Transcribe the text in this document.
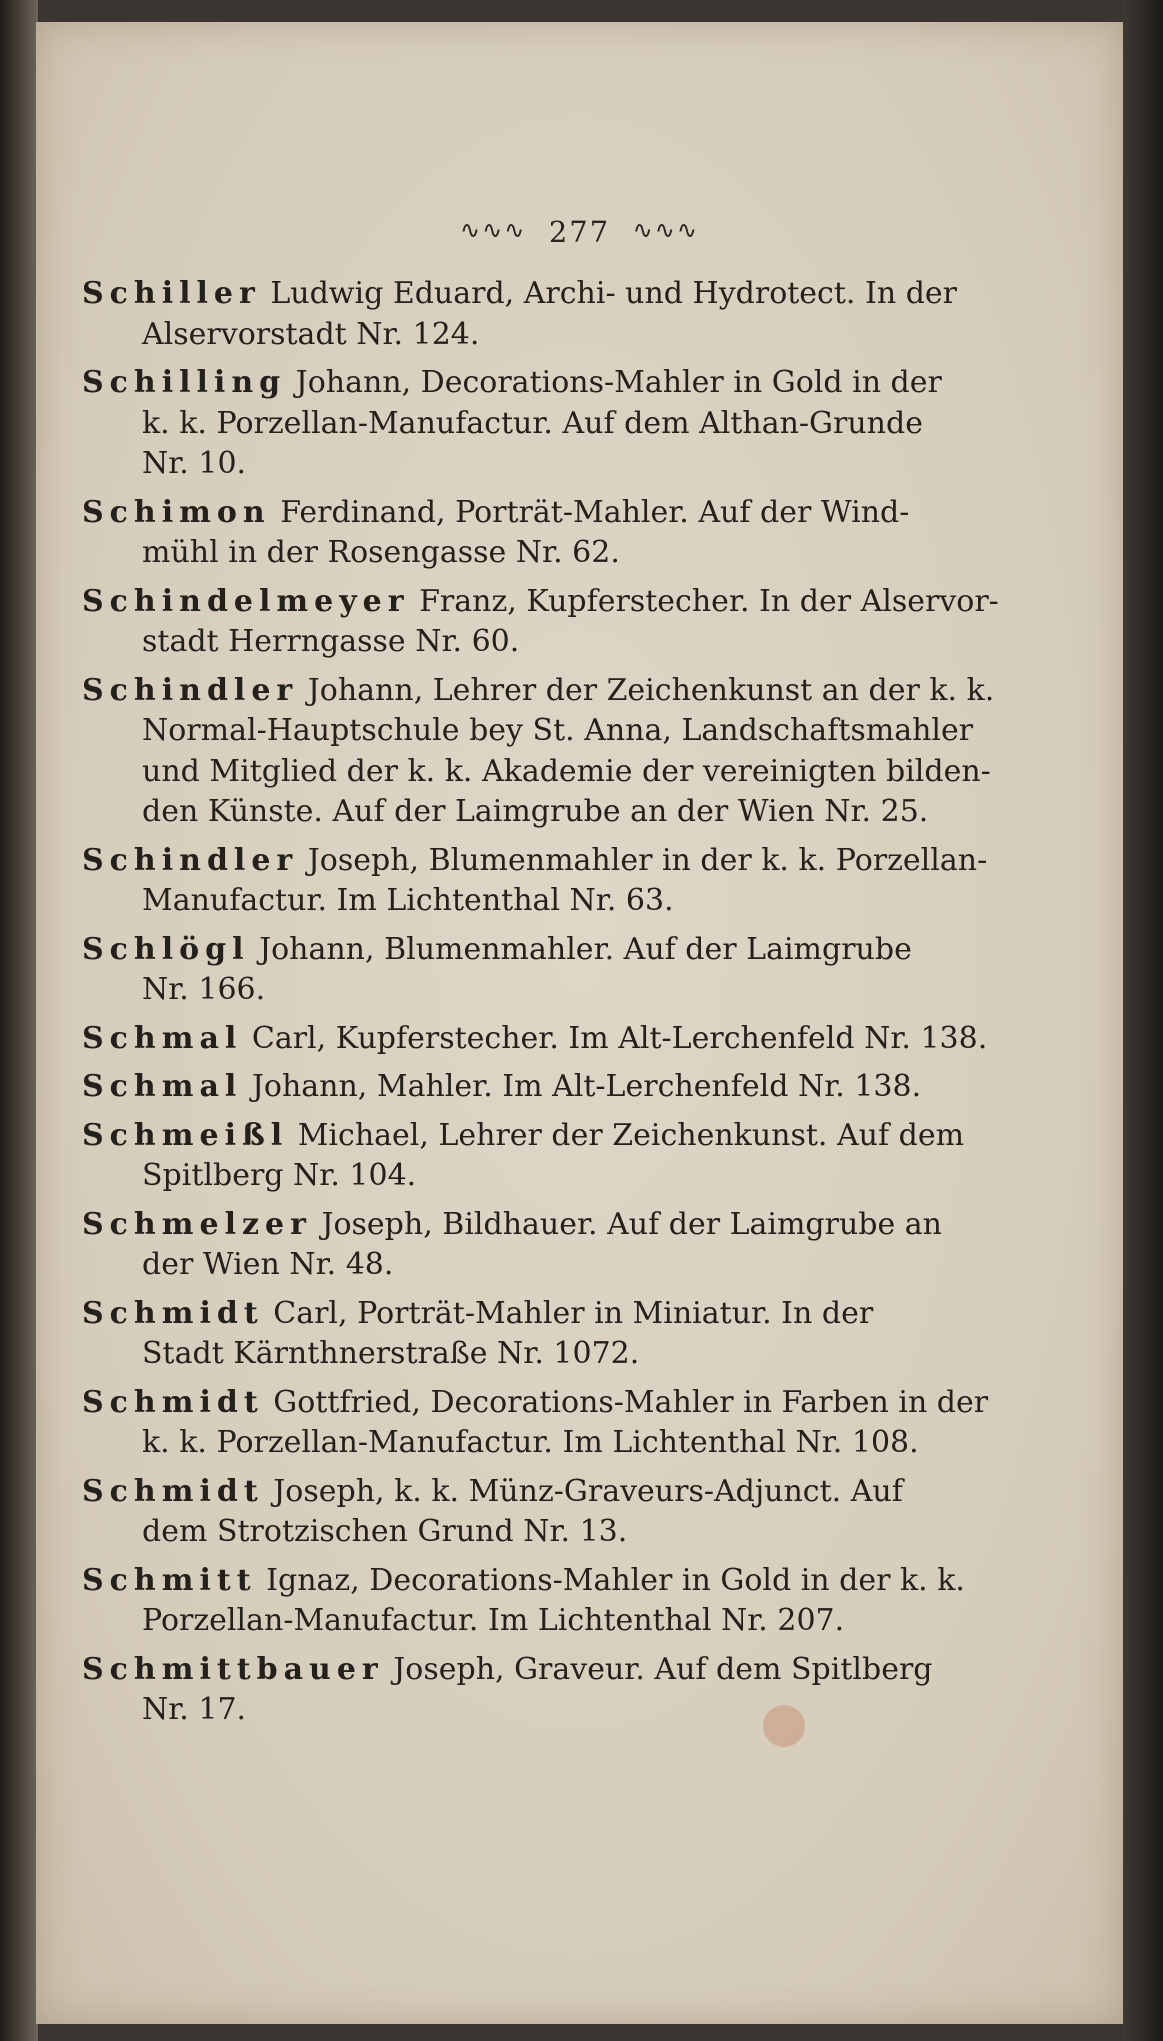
∿∿∿ 277 ∿∿∿
Schiller Ludwig Eduard, Archi- und Hydrotect. In der
Alservorstadt Nr. 124.
Schilling Johann, Decorations-Mahler in Gold in der
k. k. Porzellan-Manufactur. Auf dem Althan-Grunde
Nr. 10.
Schimon Ferdinand, Porträt-Mahler. Auf der Wind-
mühl in der Rosengasse Nr. 62.
Schindelmeyer Franz, Kupferstecher. In der Alservor-
stadt Herrngasse Nr. 60.
Schindler Johann, Lehrer der Zeichenkunst an der k. k.
Normal-Hauptschule bey St. Anna, Landschaftsmahler
und Mitglied der k. k. Akademie der vereinigten bilden-
den Künste. Auf der Laimgrube an der Wien Nr. 25.
Schindler Joseph, Blumenmahler in der k. k. Porzellan-
Manufactur. Im Lichtenthal Nr. 63.
Schlögl Johann, Blumenmahler. Auf der Laimgrube
Nr. 166.
Schmal Carl, Kupferstecher. Im Alt-Lerchenfeld Nr. 138.
Schmal Johann, Mahler. Im Alt-Lerchenfeld Nr. 138.
Schmeißl Michael, Lehrer der Zeichenkunst. Auf dem
Spitlberg Nr. 104.
Schmelzer Joseph, Bildhauer. Auf der Laimgrube an
der Wien Nr. 48.
Schmidt Carl, Porträt-Mahler in Miniatur. In der
Stadt Kärnthnerstraße Nr. 1072.
Schmidt Gottfried, Decorations-Mahler in Farben in der
k. k. Porzellan-Manufactur. Im Lichtenthal Nr. 108.
Schmidt Joseph, k. k. Münz-Graveurs-Adjunct. Auf
dem Strotzischen Grund Nr. 13.
Schmitt Ignaz, Decorations-Mahler in Gold in der k. k.
Porzellan-Manufactur. Im Lichtenthal Nr. 207.
Schmittbauer Joseph, Graveur. Auf dem Spitlberg
Nr. 17.
